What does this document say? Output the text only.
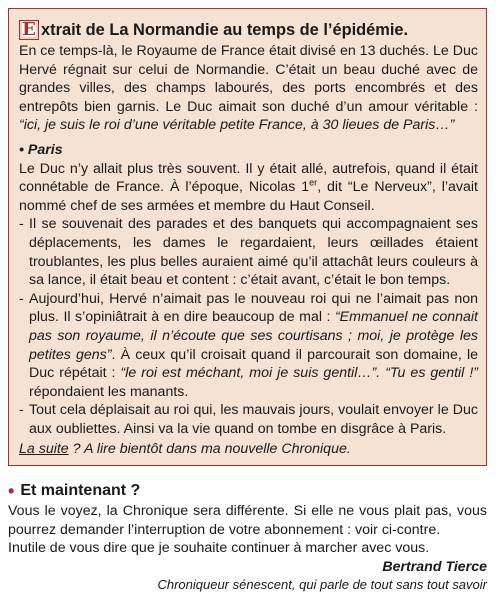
E xtrait de La Normandie au temps de l’épidémie.

En ce temps-là, le Royaume de France était divisé en 13 duchés. Le Duc Hervé régnait sur celui de Normandie. C’était un beau duché avec de grandes villes, des champs labourés, des ports encombrés et des entrepôts bien garnis. Le Duc aimait son duché d’un amour véritable : “ici, je suis le roi d’une véritable petite France, à 30 lieues de Paris…”

• Paris

Le Duc n’y allait plus très souvent. Il y était allé, autrefois, quand il était connétable de France. À l’époque, Nicolas 1er, dit “Le Nerveux”, l’avait nommé chef de ses armées et membre du Haut Conseil.

- Il se souvenait des parades et des banquets qui accompagnaient ses déplacements, les dames le regardaient, leurs œillades étaient troublantes, les plus belles auraient aimé qu’il attachât leurs couleurs à sa lance, il était beau et content : c’était avant, c’était le bon temps.
- Aujourd’hui, Hervé n’aimait pas le nouveau roi qui ne l’aimait pas non plus. Il s’opiniâtrait à en dire beaucoup de mal : “Emmanuel ne connait pas son royaume, il n’écoute que ses courtisans ; moi, je protège les petites gens”. À ceux qu’il croisait quand il parcourait son domaine, le Duc répétait : “le roi est méchant, moi je suis gentil…”. “Tu es gentil !” répondaient les manants.
- Tout cela déplaisait au roi qui, les mauvais jours, voulait envoyer le Duc aux oubliettes. Ainsi va la vie quand on tombe en disgrâce à Paris.
La suite ? A lire bientôt dans ma nouvelle Chronique.
• Et maintenant ?

Vous le voyez, la Chronique sera différente. Si elle ne vous plait pas, vous pourrez demander l’interruption de votre abonnement : voir ci-contre.

Inutile de vous dire que je souhaite continuer à marcher avec vous.

Bertrand Tierce
Chroniqueur sénescent, qui parle de tout sans tout savoir
